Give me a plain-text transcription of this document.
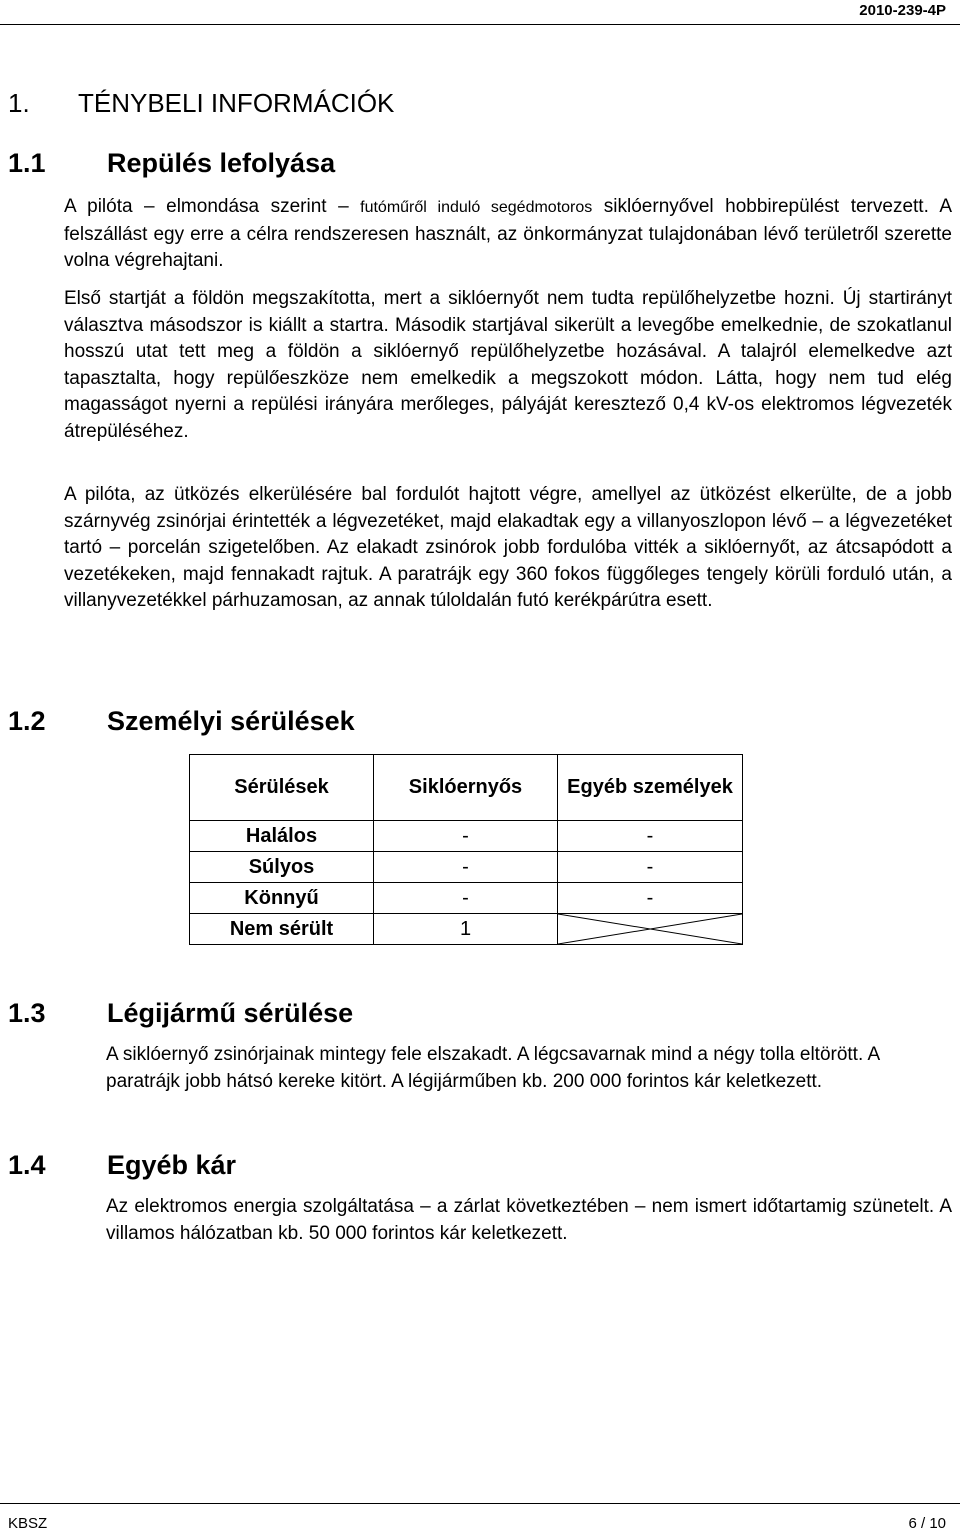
2010-239-4P
1. TÉNYBELI INFORMÁCIÓK
1.1 Repülés lefolyása

A pilóta – elmondása szerint – futóműről induló segédmotoros siklóernyővel hobbirepülést tervezett. A felszállást egy erre a célra rendszeresen használt, az önkormányzat tulajdonában lévő területről szerette volna végrehajtani.

Első startját a földön megszakította, mert a siklóernyőt nem tudta repülőhelyzetbe hozni. Új startirányt választva másodszor is kiállt a startra. Második startjával sikerült a levegőbe emelkednie, de szokatlanul hosszú utat tett meg a földön a siklóernyő repülőhelyzetbe hozásával. A talajról elemelkedve azt tapasztalta, hogy repülőeszköze nem emelkedik a megszokott módon. Látta, hogy nem tud elég magasságot nyerni a repülési irányára merőleges, pályáját keresztező 0,4 kV-os elektromos légvezeték átrepüléséhez.

A pilóta, az ütközés elkerülésére bal fordulót hajtott végre, amellyel az ütközést elkerülte, de a jobb szárnyvég zsinórjai érintették a légvezetéket, majd elakadtak egy a villanyoszlopon lévő – a légvezetéket tartó – porcelán szigetelőben. Az elakadt zsinórok jobb fordulóba vitték a siklóernyőt, az átcsapódott a vezetékeken, majd fennakadt rajtuk. A paratrájk egy 360 fokos függőleges tengely körüli forduló után, a villanyvezetékkel párhuzamosan, az annak túloldalán futó kerékpárútra esett.

1.2 Személyi sérülések
Sérülések	Siklóernyős	Egyéb személyek
Halálos	-	-
Súlyos	-	-
Könnyű	-	-
Nem sérült	1	
1.3 Légijármű sérülése

A siklóernyő zsinórjainak mintegy fele elszakadt. A légcsavarnak mind a négy tolla eltörött. A paratrájk jobb hátsó kereke kitört. A légijárműben kb. 200 000 forintos kár keletkezett.

1.4 Egyéb kár

Az elektromos energia szolgáltatása – a zárlat következtében – nem ismert időtartamig szünetelt. A villamos hálózatban kb. 50 000 forintos kár keletkezett.

KBSZ	6 / 10
